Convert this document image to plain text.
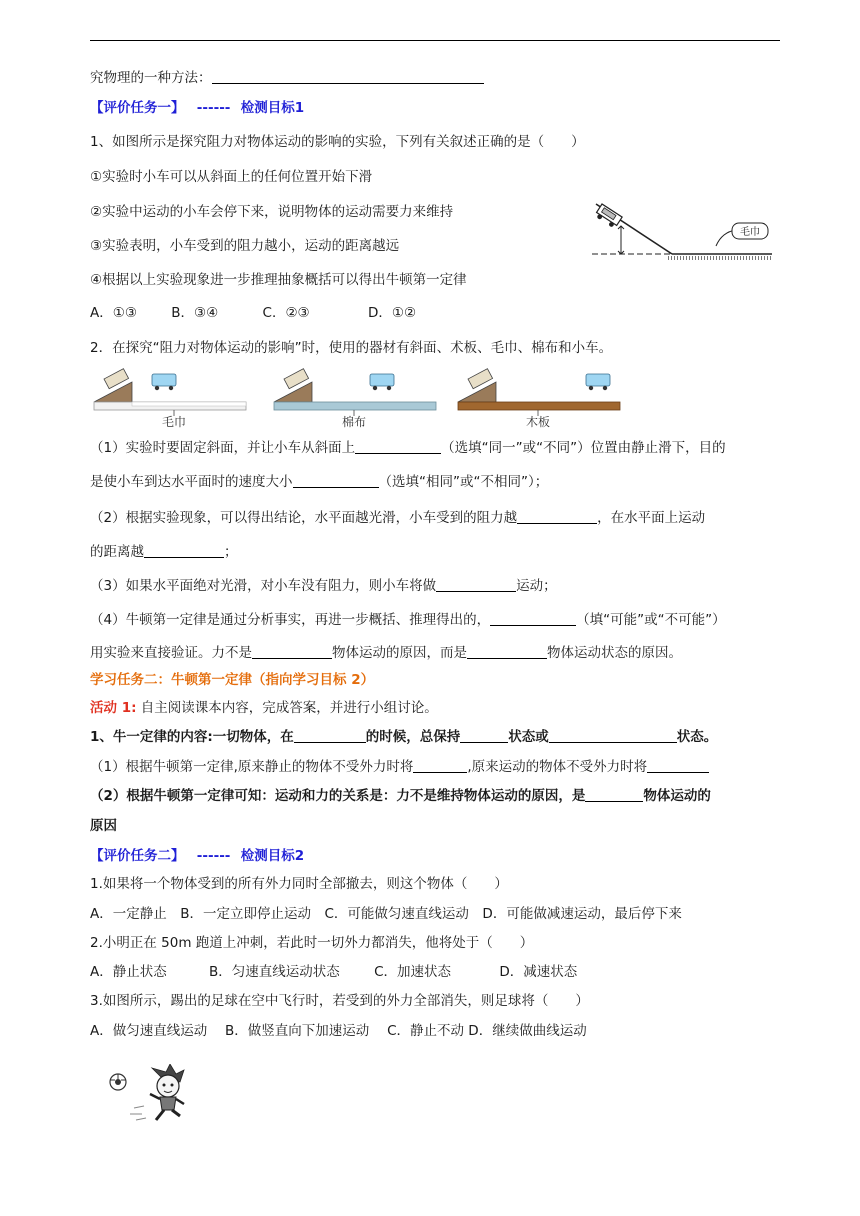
究物理的一种方法：
【评价任务一】 ------ 检测目标1
1、如图所示是探究阻力对物体运动的影响的实验，下列有关叙述正确的是（　　）
①实验时小车可以从斜面上的任何位置开始下滑
②实验中运动的小车会停下来，说明物体的运动需要力来维持
③实验表明，小车受到的阻力越小，运动的距离越远
④根据以上实验现象进一步推理抽象概括可以得出牛顿第一定律
A．①③	B．③④	C．②③	D．①②
毛巾
2．在探究“阻力对物体运动的影响”时，使用的器材有斜面、术板、毛巾、棉布和小车。
毛巾	棉布	木板
（1）实验时要固定斜面，并让小车从斜面上	（选填“同一”或“不同”）位置由静止滑下，目的
是使小车到达水平面时的速度大小	（选填“相同”或“不相同”）；
（2）根据实验现象，可以得出结论，水平面越光滑，小车受到的阻力越	，在水平面上运动
的距离越	；
（3）如果水平面绝对光滑，对小车没有阻力，则小车将做	运动；
（4）牛顿第一定律是通过分析事实，再进一步概括、推理得出的，	（填“可能”或“不可能”）
用实验来直接验证。力不是	物体运动的原因，而是	物体运动状态的原因。
学习任务二：牛顿第一定律（指向学习目标 2）
活动 1: 自主阅读课本内容，完成答案，并进行小组讨论。
1、牛一定律的内容:一切物体，在	的时候，总保持	状态或	状态。
（1）根据牛顿第一定律,原来静止的物体不受外力时将	,原来运动的物体不受外力时将
（2）根据牛顿第一定律可知：运动和力的关系是：力不是维持物体运动的原因，是	物体运动的
原因
【评价任务二】 ------ 检测目标2
1.如果将一个物体受到的所有外力同时全部撤去，则这个物体（　　）
A．一定静止　B．一定立即停止运动　C．可能做匀速直线运动　D．可能做减速运动，最后停下来
2.小明正在 50m 跑道上冲刺，若此时一切外力都消失，他将处于（　　）
A．静止状态	B．匀速直线运动状态	C．加速状态	D．减速状态
3.如图所示，踢出的足球在空中飞行时，若受到的外力全部消失，则足球将（　　）
A．做匀速直线运动　 B．做竖直向下加速运动　 C．静止不动 D．继续做曲线运动
